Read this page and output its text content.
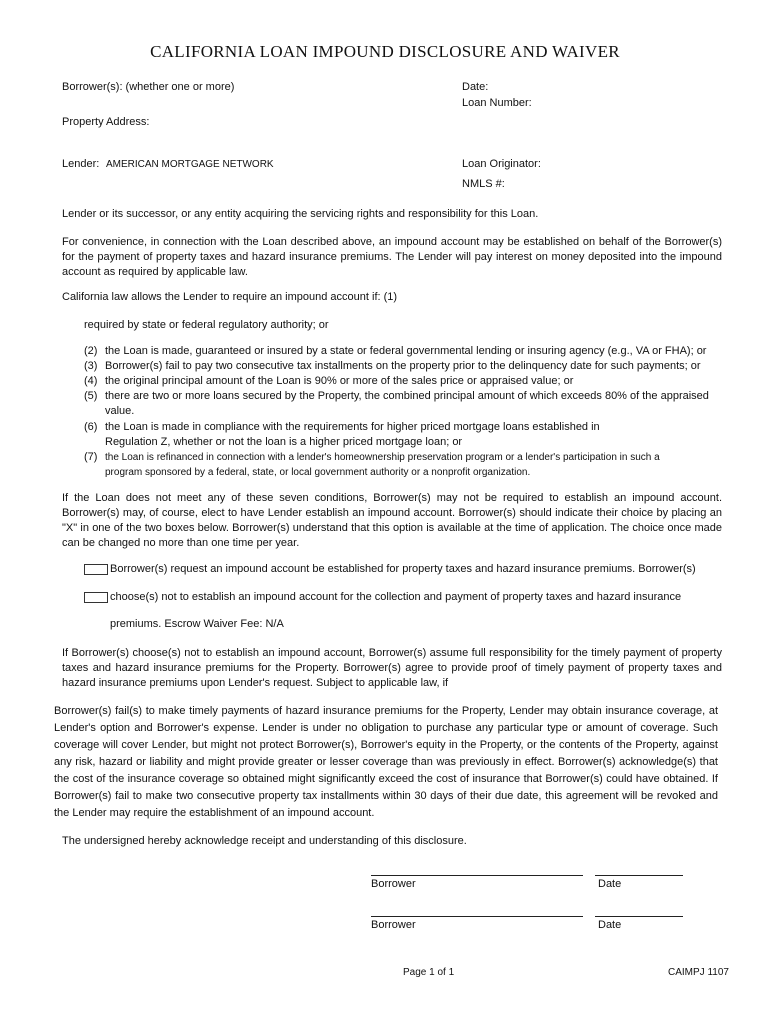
CALIFORNIA LOAN IMPOUND DISCLOSURE AND WAIVER
Borrower(s): (whether one or more)	Date:
Loan Number:
Property Address:
Lender: AMERICAN MORTGAGE NETWORK	Loan Originator:
NMLS #:
Lender or its successor, or any entity acquiring the servicing rights and responsibility for this Loan.
For convenience, in connection with the Loan described above, an impound account may be established on behalf of the Borrower(s) for the payment of property taxes and hazard insurance premiums. The Lender will pay interest on money deposited into the impound account as required by applicable law.
California law allows the Lender to require an impound account if: (1)
required by state or federal regulatory authority; or
(2) the Loan is made, guaranteed or insured by a state or federal governmental lending or insuring agency (e.g., VA or FHA); or
(3) Borrower(s) fail to pay two consecutive tax installments on the property prior to the delinquency date for such payments; or
(4) the original principal amount of the Loan is 90% or more of the sales price or appraised value; or
(5) there are two or more loans secured by the Property, the combined principal amount of which exceeds 80% of the appraised
value.
(6) the Loan is made in compliance with the requirements for higher priced mortgage loans established in
Regulation Z, whether or not the loan is a higher priced mortgage loan; or
(7) the Loan is refinanced in connection with a lender's homeownership preservation program or a lender's participation in such a
program sponsored by a federal, state, or local government authority or a nonprofit organization.
If the Loan does not meet any of these seven conditions, Borrower(s) may not be required to establish an impound account. Borrower(s) may, of course, elect to have Lender establish an impound account. Borrower(s) should indicate their choice by placing an "X" in one of the two boxes below. Borrower(s) understand that this option is available at the time of application. The choice once made can be changed no more than one time per year.
Borrower(s) request an impound account be established for property taxes and hazard insurance premiums. Borrower(s)
choose(s) not to establish an impound account for the collection and payment of property taxes and hazard insurance
premiums. Escrow Waiver Fee: N/A
If Borrower(s) choose(s) not to establish an impound account, Borrower(s) assume full responsibility for the timely payment of property taxes and hazard insurance premiums for the Property. Borrower(s) agree to provide proof of timely payment of property taxes and hazard insurance premiums upon Lender's request. Subject to applicable law, if
Borrower(s) fail(s) to make timely payments of hazard insurance premiums for the Property, Lender may obtain insurance coverage, at Lender's option and Borrower's expense. Lender is under no obligation to purchase any particular type or amount of coverage. Such coverage will cover Lender, but might not protect Borrower(s), Borrower's equity in the Property, or the contents of the Property, against any risk, hazard or liability and might provide greater or lesser coverage than was previously in effect. Borrower(s) acknowledge(s) that the cost of the insurance coverage so obtained might significantly exceed the cost of insurance that Borrower(s) could have obtained. If Borrower(s) fail to make two consecutive property tax installments within 30 days of their due date, this agreement will be revoked and the Lender may require the establishment of an impound account.
The undersigned hereby acknowledge receipt and understanding of this disclosure.
Borrower	Date
Borrower	Date
Page 1 of 1	CAIMPJ 1107
